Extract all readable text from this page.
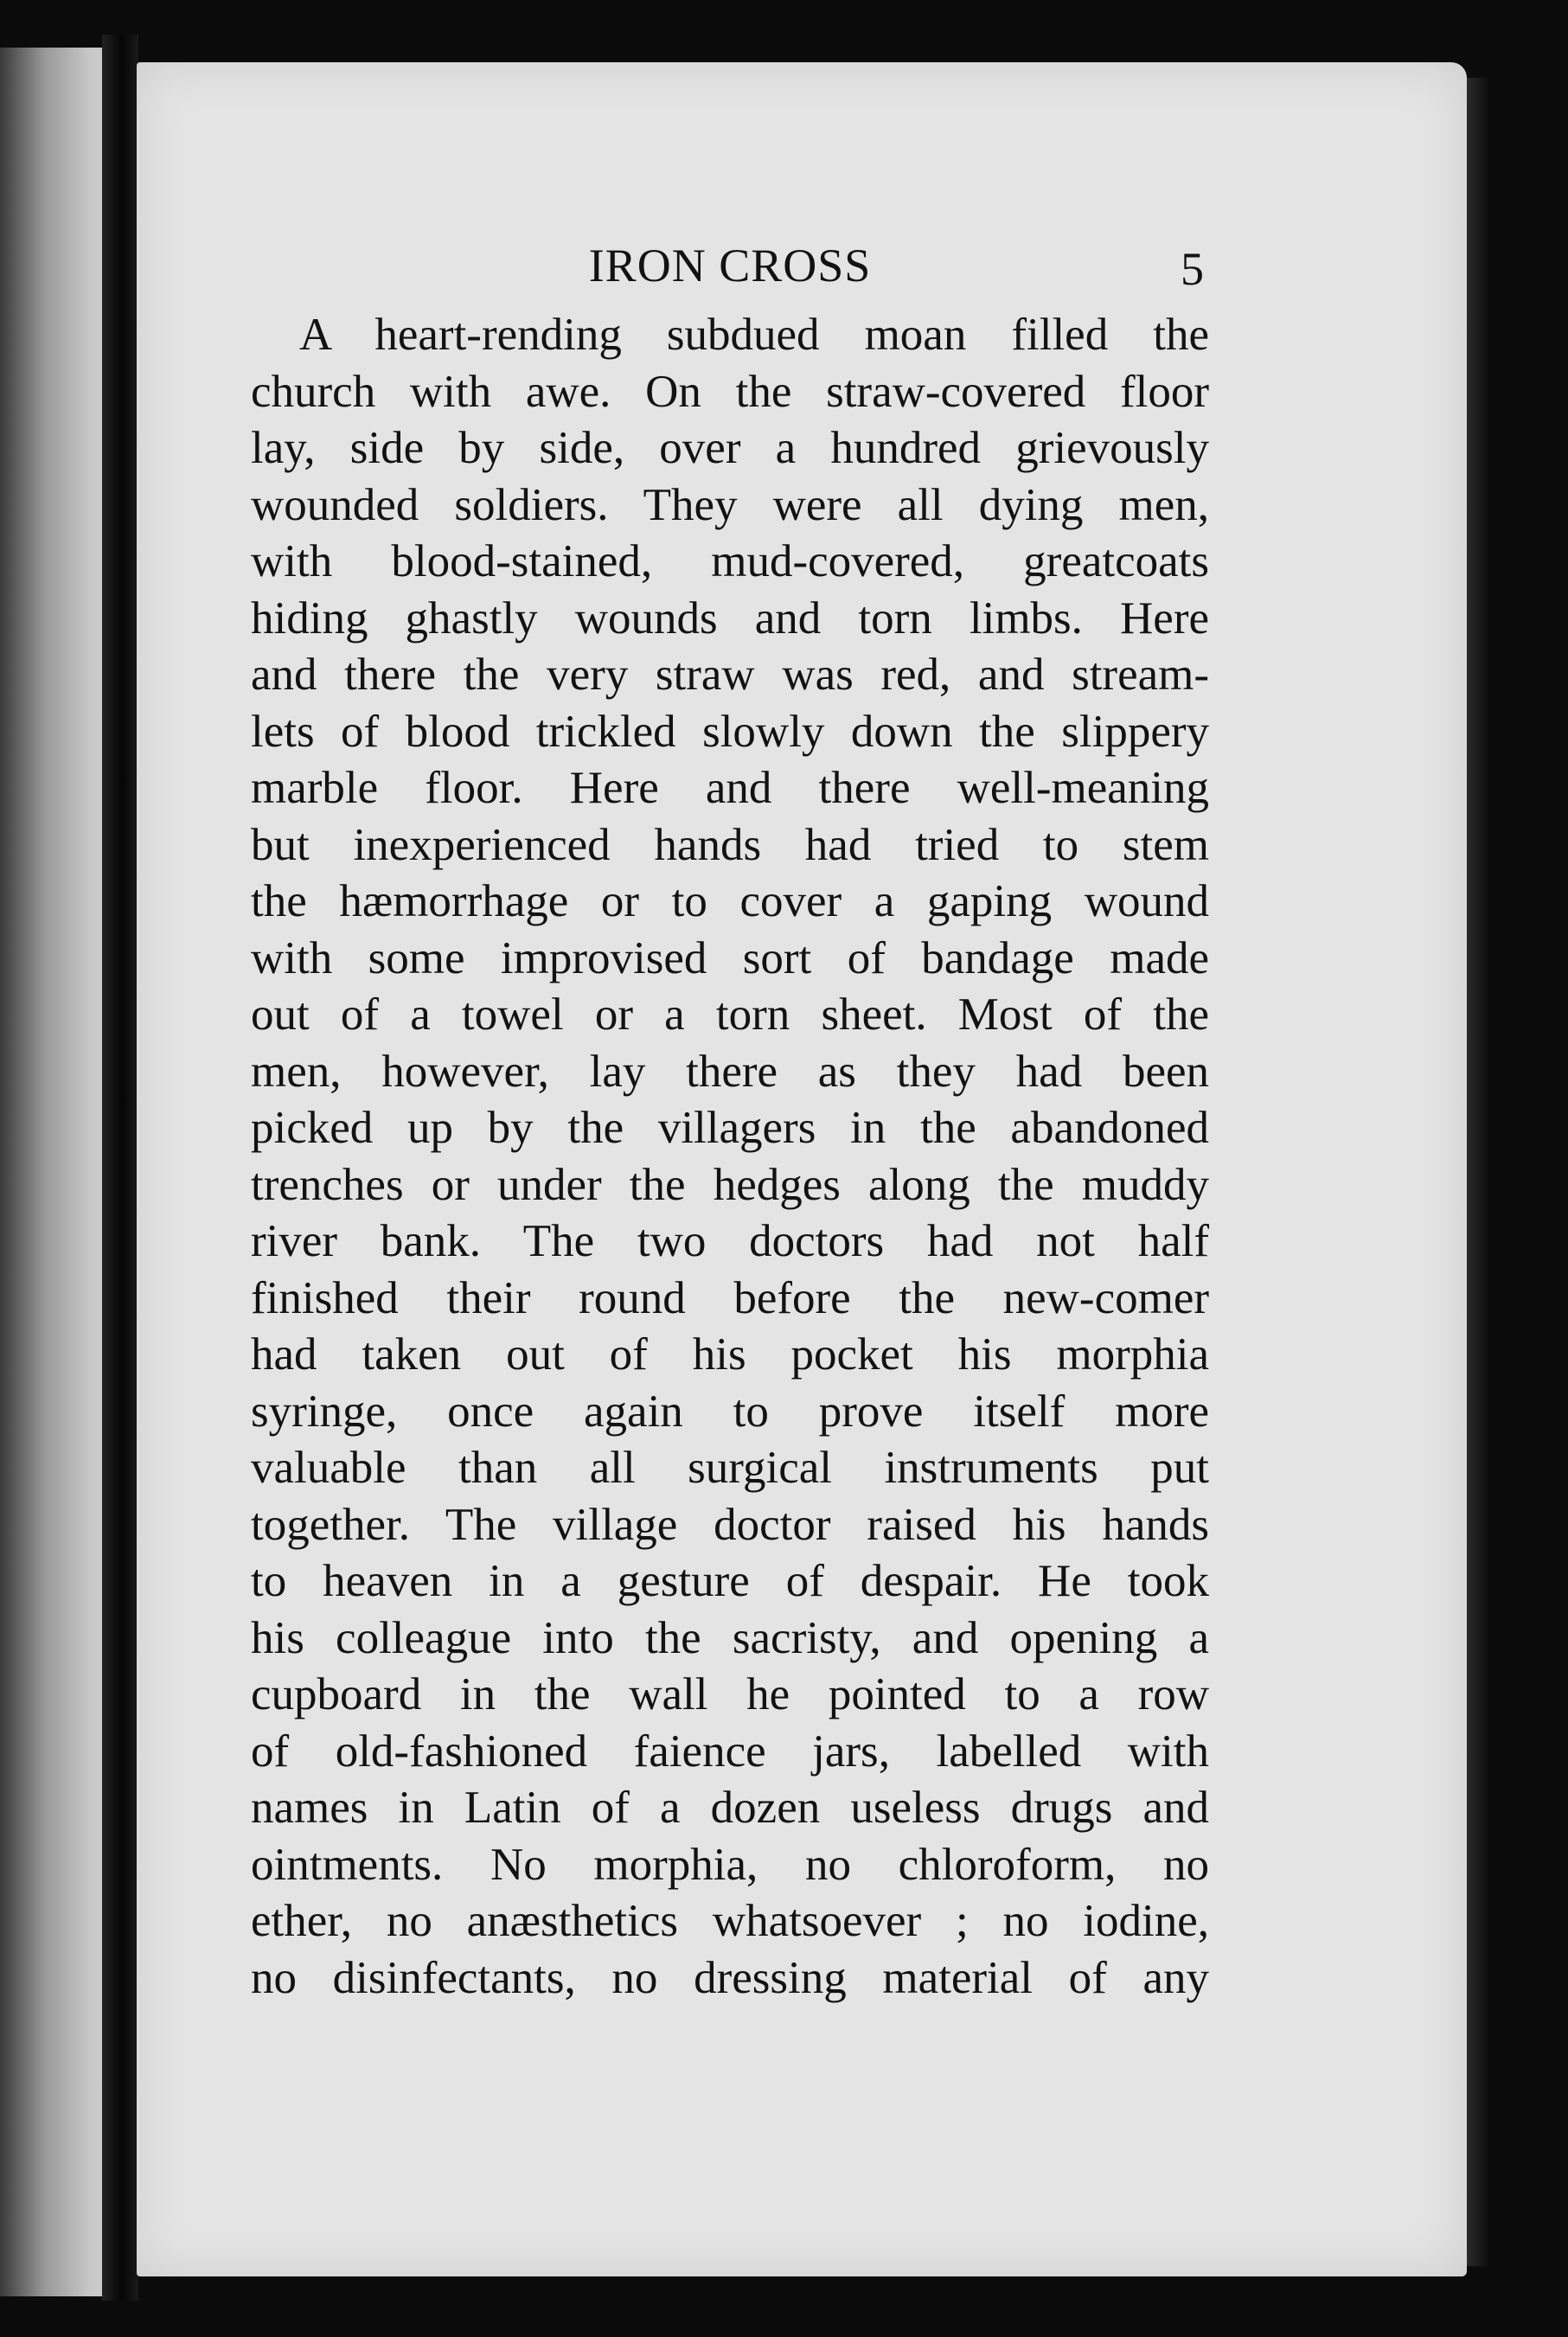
IRON CROSS	5
A heart-rending subdued moan filled the
church with awe. On the straw-covered floor
lay, side by side, over a hundred grievously
wounded soldiers. They were all dying men,
with blood-stained, mud-covered, greatcoats
hiding ghastly wounds and torn limbs. Here
and there the very straw was red, and stream-
lets of blood trickled slowly down the slippery
marble floor. Here and there well-meaning
but inexperienced hands had tried to stem
the hæmorrhage or to cover a gaping wound
with some improvised sort of bandage made
out of a towel or a torn sheet. Most of the
men, however, lay there as they had been
picked up by the villagers in the abandoned
trenches or under the hedges along the muddy
river bank. The two doctors had not half
finished their round before the new-comer
had taken out of his pocket his morphia
syringe, once again to prove itself more
valuable than all surgical instruments put
together. The village doctor raised his hands
to heaven in a gesture of despair. He took
his colleague into the sacristy, and opening a
cupboard in the wall he pointed to a row
of old-fashioned faience jars, labelled with
names in Latin of a dozen useless drugs and
ointments. No morphia, no chloroform, no
ether, no anæsthetics whatsoever ; no iodine,
no disinfectants, no dressing material of any
